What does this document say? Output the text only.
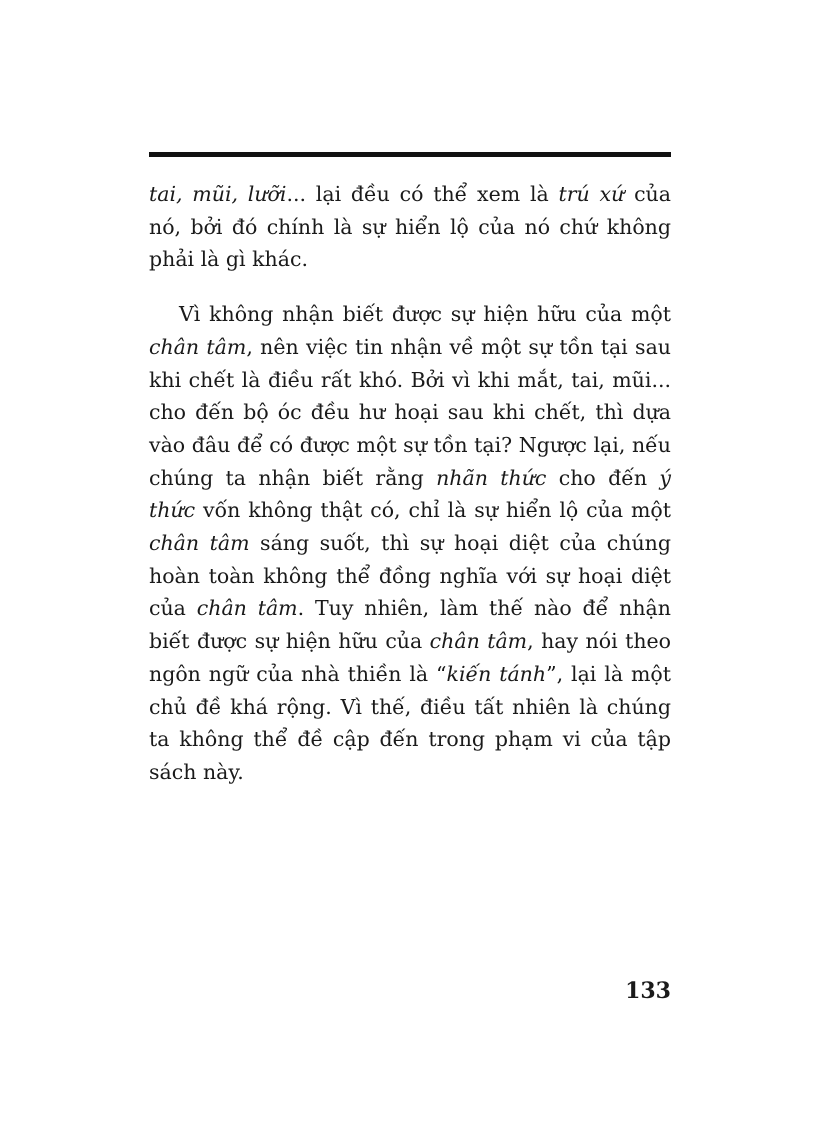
tai, mũi, lưỡi... lại đều có thể xem là trú xứ của nó, bởi đó chính là sự hiển lộ của nó chứ không phải là gì khác.

Vì không nhận biết được sự hiện hữu của một chân tâm, nên việc tin nhận về một sự tồn tại sau khi chết là điều rất khó. Bởi vì khi mắt, tai, mũi... cho đến bộ óc đều hư hoại sau khi chết, thì dựa vào đâu để có được một sự tồn tại? Ngược lại, nếu chúng ta nhận biết rằng nhãn thức cho đến ý thức vốn không thật có, chỉ là sự hiển lộ của một chân tâm sáng suốt, thì sự hoại diệt của chúng hoàn toàn không thể đồng nghĩa với sự hoại diệt của chân tâm. Tuy nhiên, làm thế nào để nhận biết được sự hiện hữu của chân tâm, hay nói theo ngôn ngữ của nhà thiền là “kiến tánh”, lại là một chủ đề khá rộng. Vì thế, điều tất nhiên là chúng ta không thể đề cập đến trong phạm vi của tập sách này.

133
